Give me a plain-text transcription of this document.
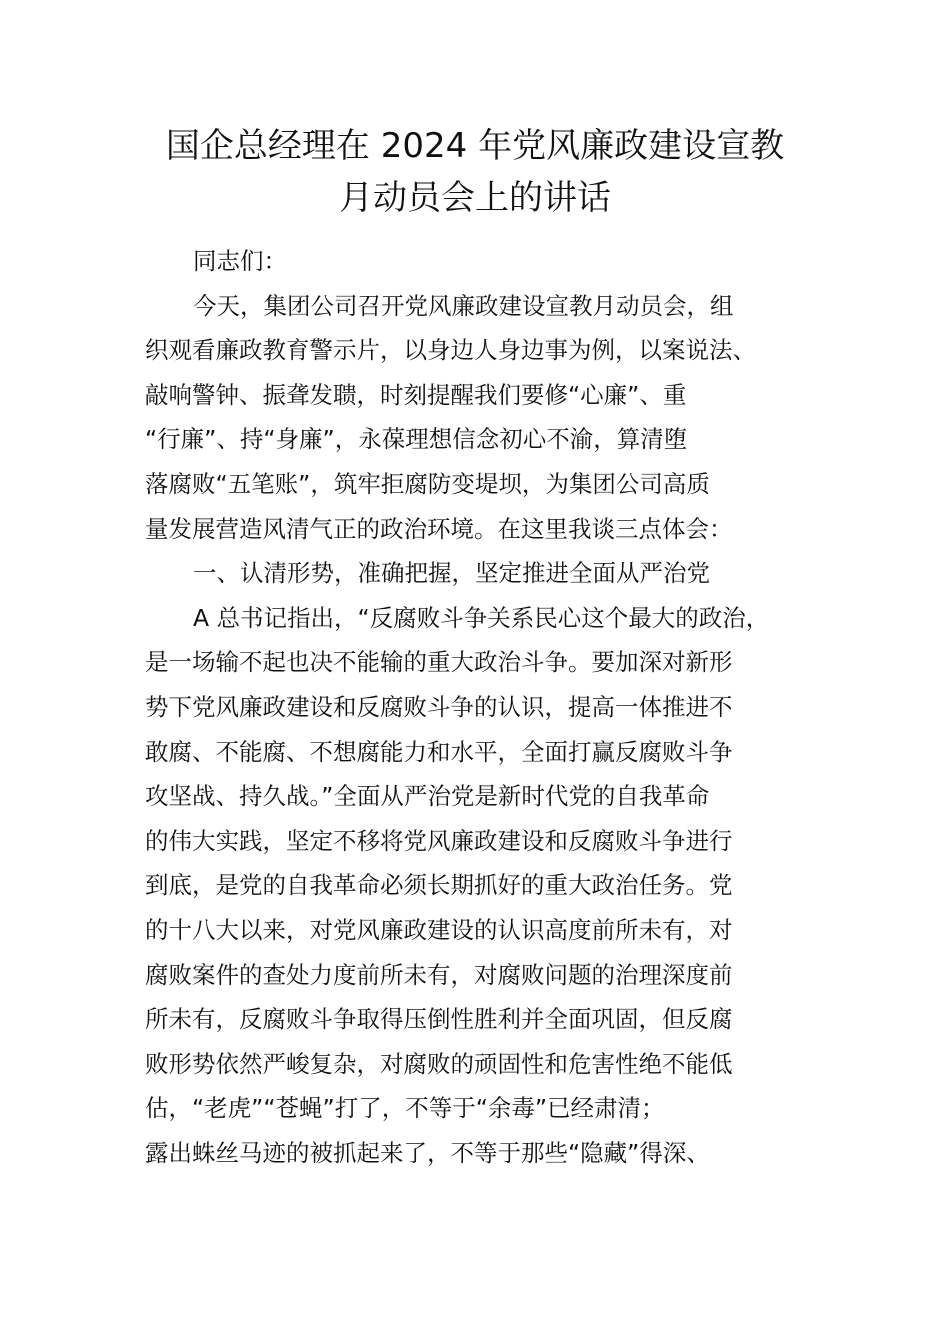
国企总经理在 2024 年党风廉政建设宣教
月动员会上的讲话
同志们：
今天，集团公司召开党风廉政建设宣教月动员会，组
织观看廉政教育警示片，以身边人身边事为例，以案说法、
敲响警钟、振聋发聩，时刻提醒我们要修“心廉”、重
“行廉”、持“身廉”，永葆理想信念初心不渝，算清堕
落腐败“五笔账”，筑牢拒腐防变堤坝，为集团公司高质
量发展营造风清气正的政治环境。在这里我谈三点体会：
一、认清形势，准确把握，坚定推进全面从严治党
A 总书记指出，“反腐败斗争关系民心这个最大的政治，
是一场输不起也决不能输的重大政治斗争。要加深对新形
势下党风廉政建设和反腐败斗争的认识，提高一体推进不
敢腐、不能腐、不想腐能力和水平，全面打赢反腐败斗争
攻坚战、持久战。”全面从严治党是新时代党的自我革命
的伟大实践，坚定不移将党风廉政建设和反腐败斗争进行
到底，是党的自我革命必须长期抓好的重大政治任务。党
的十八大以来，对党风廉政建设的认识高度前所未有，对
腐败案件的查处力度前所未有，对腐败问题的治理深度前
所未有，反腐败斗争取得压倒性胜利并全面巩固，但反腐
败形势依然严峻复杂，对腐败的顽固性和危害性绝不能低
估，“老虎”“苍蝇”打了，不等于“余毒”已经肃清；
露出蛛丝马迹的被抓起来了，不等于那些“隐藏”得深、
